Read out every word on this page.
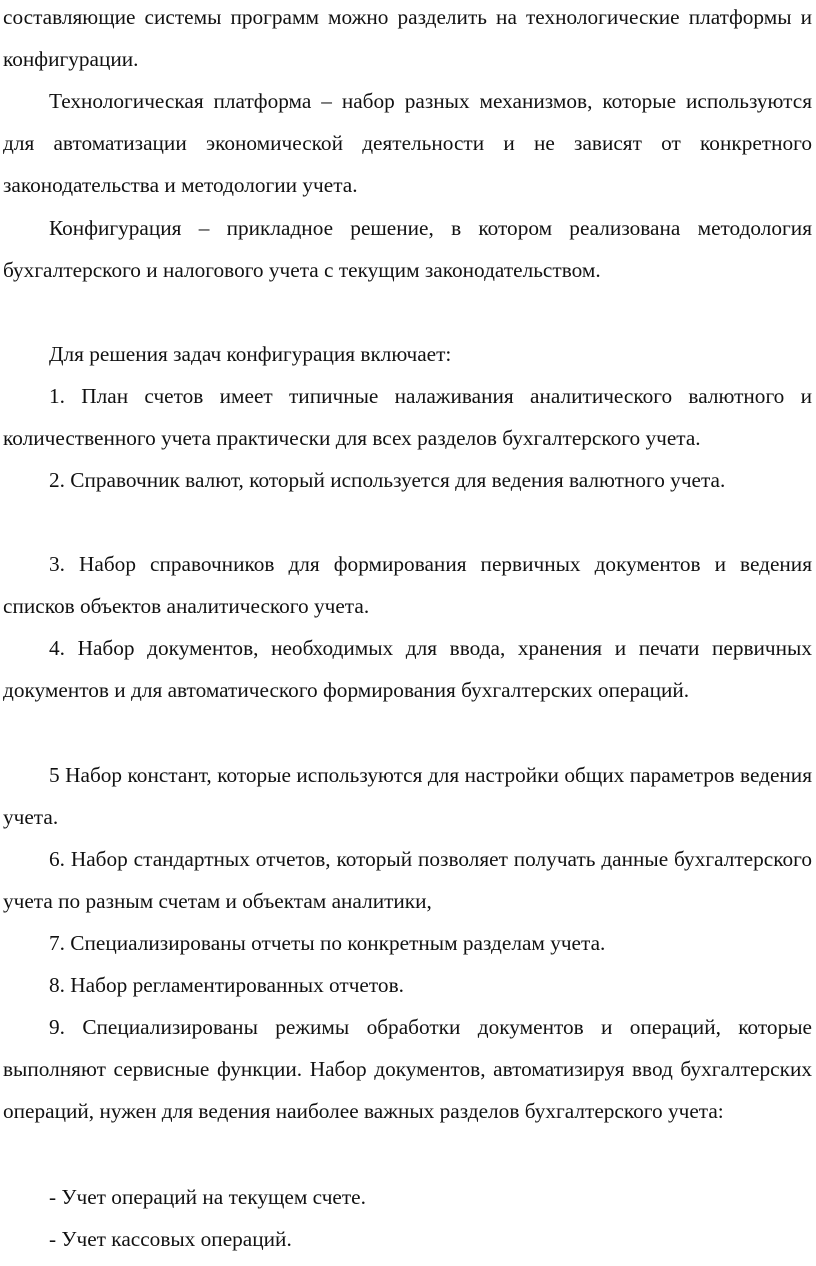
составляющие системы программ можно разделить на технологические платформы и конфигурации.

Технологическая платформа – набор разных механизмов, которые используются для автоматизации экономической деятельности и не зависят от конкретного законодательства и методологии учета.

Конфигурация – прикладное решение, в котором реализована методология бухгалтерского и налогового учета с текущим законодательством.

Для решения задач конфигурация включает:

1. План счетов имеет типичные налаживания аналитического валютного и количественного учета практически для всех разделов бухгалтерского учета.

2. Справочник валют, который используется для ведения валютного учета.

3. Набор справочников для формирования первичных документов и ведения списков объектов аналитического учета.

4. Набор документов, необходимых для ввода, хранения и печати первичных документов и для автоматического формирования бухгалтерских операций.

5 Набор констант, которые используются для настройки общих параметров ведения учета.

6. Набор стандартных отчетов, который позволяет получать данные бухгалтерского учета по разным счетам и объектам аналитики,

7. Специализированы отчеты по конкретным разделам учета.

8. Набор регламентированных отчетов.

9. Специализированы режимы обработки документов и операций, которые выполняют сервисные функции. Набор документов, автоматизируя ввод бухгалтерских операций, нужен для ведения наиболее важных разделов бухгалтерского учета:

- Учет операций на текущем счете.

- Учет кассовых операций.
